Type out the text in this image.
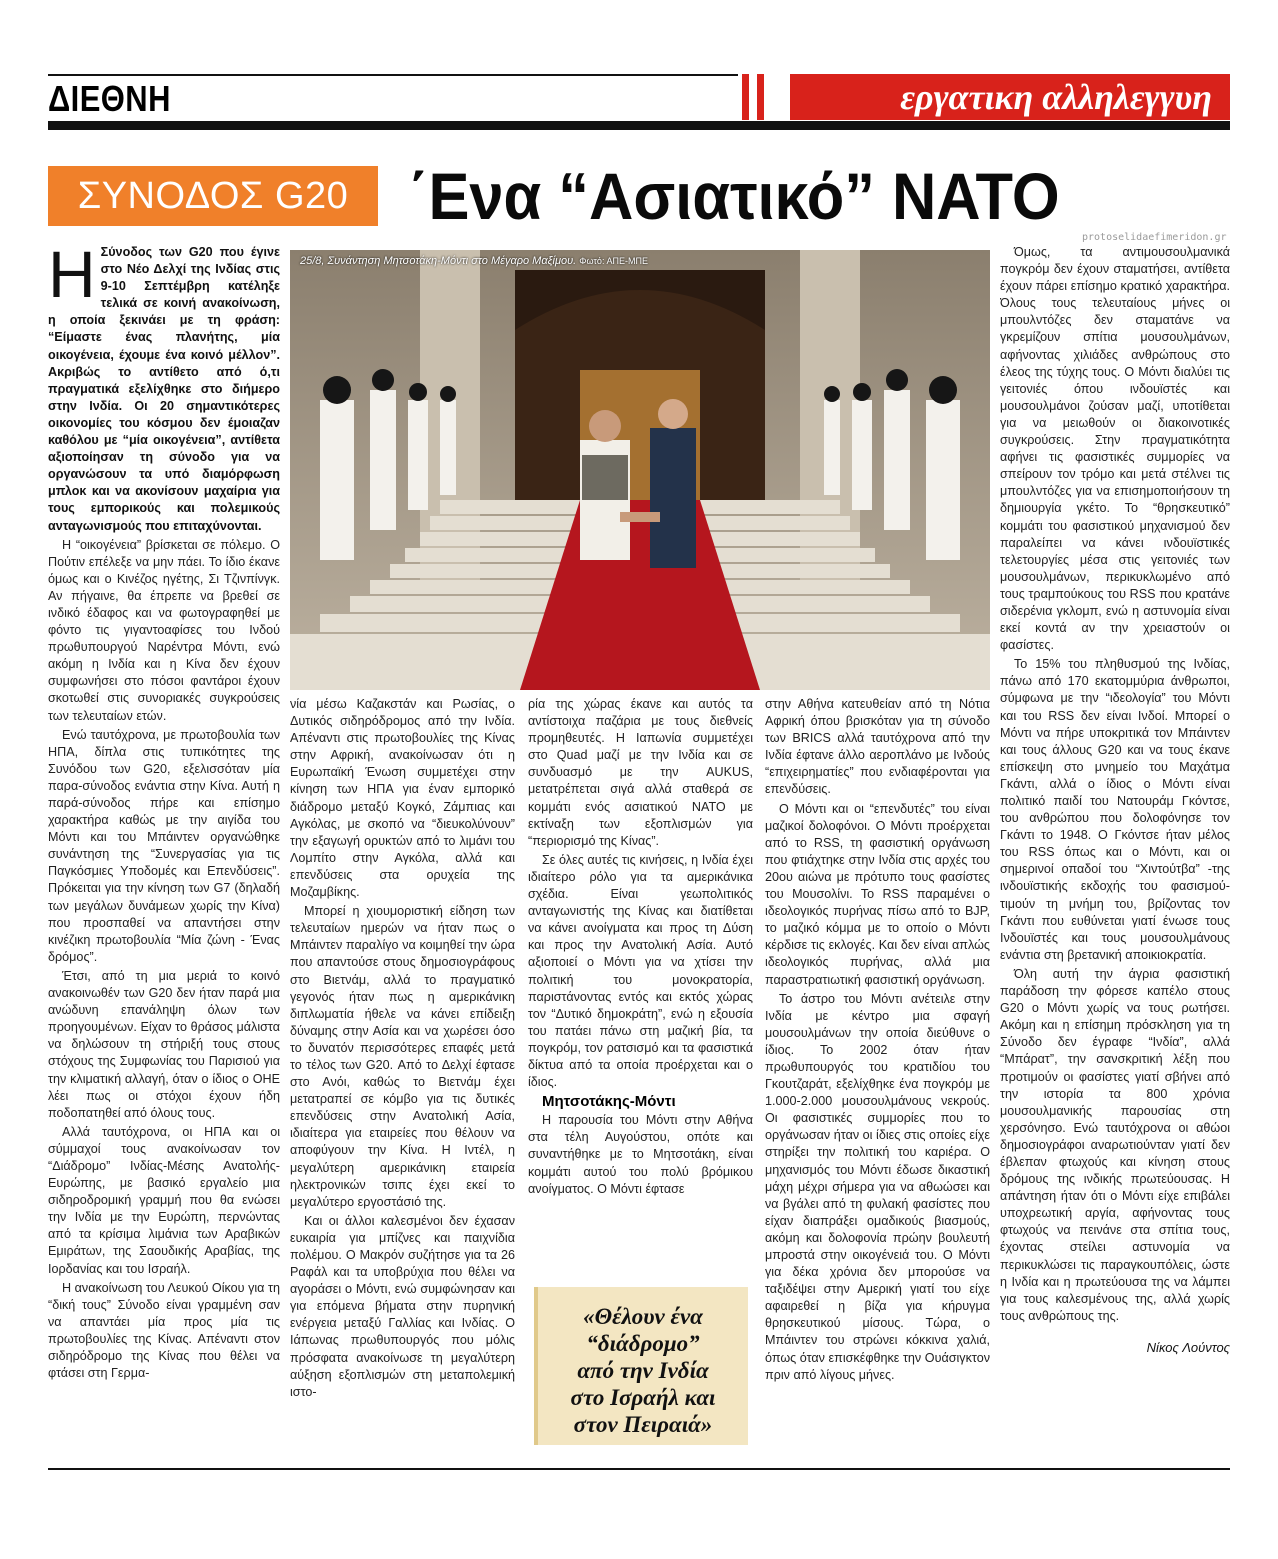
ΔΙΕΘΝΗ	εργατικη αλληλεγγυη
ΣΥΝΟΔΟΣ G20 ΄Ενα “Ασιατικό” ΝΑΤΟ
protoselidaefimeridon.gr

Η Σύνοδος των G20 που έγινε στο Νέο Δελχί της Ινδίας στις 9-10 Σεπτέμβρη κατέληξε τελικά σε κοινή ανακοίνωση, η οποία ξεκινάει με τη φράση: “Είμαστε ένας πλανήτης, μία οικογένεια, έχουμε ένα κοινό μέλλον”. Ακριβώς το αντίθετο από ό,τι πραγματικά εξελίχθηκε στο διήμερο στην Ινδία. Οι 20 σημαντικότερες οικονομίες του κόσμου δεν έμοιαζαν καθόλου με “μία οικογένεια”, αντίθετα αξιοποίησαν τη σύνοδο για να οργανώσουν τα υπό διαμόρφωση μπλοκ και να ακονίσουν μαχαίρια για τους εμπορικούς και πολεμικούς ανταγωνισμούς που επιταχύνονται.

Η “οικογένεια” βρίσκεται σε πόλεμο. Ο Πούτιν επέλεξε να μην πάει. Το ίδιο έκανε όμως και ο Κινέζος ηγέτης, Σι Τζινπίνγκ. Αν πήγαινε, θα έπρεπε να βρεθεί σε ινδικό έδαφος και να φωτογραφηθεί με φόντο τις γιγαντοαφίσες του Ινδού πρωθυπουργού Ναρέντρα Μόντι, ενώ ακόμη η Ινδία και η Κίνα δεν έχουν συμφωνήσει στο πόσοι φαντάροι έχουν σκοτωθεί στις συνοριακές συγκρούσεις των τελευταίων ετών.

Ενώ ταυτόχρονα, με πρωτοβουλία των ΗΠΑ, δίπλα στις τυπικότητες της Συνόδου των G20, εξελισσόταν μία παρα-σύνοδος ενάντια στην Κίνα. Αυτή η παρά-σύνοδος πήρε και επίσημο χαρακτήρα καθώς με την αιγίδα του Μόντι και του Μπάιντεν οργανώθηκε συνάντηση της “Συνεργασίας για τις Παγκόσμιες Υποδομές και Επενδύσεις”. Πρόκειται για την κίνηση των G7 (δηλαδή των μεγάλων δυνάμεων χωρίς την Κίνα) που προσπαθεί να απαντήσει στην κινέζικη πρωτοβουλία “Μία ζώνη - Ένας δρόμος”.

Έτσι, από τη μια μεριά το κοινό ανακοινωθέν των G20 δεν ήταν παρά μια ανώδυνη επανάληψη όλων των προηγουμένων. Είχαν το θράσος μάλιστα να δηλώσουν τη στήριξή τους στους στόχους της Συμφωνίας του Παρισιού για την κλιματική αλλαγή, όταν ο ίδιος ο ΟΗΕ λέει πως οι στόχοι έχουν ήδη ποδοπατηθεί από όλους τους.

Αλλά ταυτόχρονα, οι ΗΠΑ και οι σύμμαχοί τους ανακοίνωσαν τον “Διάδρομο” Ινδίας-Μέσης Ανατολής-Ευρώπης, με βασικό εργαλείο μια σιδηροδρομική γραμμή που θα ενώσει την Ινδία με την Ευρώπη, περνώντας από τα κρίσιμα λιμάνια των Αραβικών Εμιράτων, της Σαουδικής Αραβίας, της Ιορδανίας και του Ισραήλ.

Η ανακοίνωση του Λευκού Οίκου για τη “δική τους” Σύνοδο είναι γραμμένη σαν να απαντάει μία προς μία τις πρωτοβουλίες της Κίνας. Απέναντι στον σιδηρόδρομο της Κίνας που θέλει να φτάσει στη Γερμα-

25/8, Συνάντηση Μητσοτάκη-Μόντι στο Μέγαρο Μαξίμου. Φωτό: ΑΠΕ-ΜΠΕ

νία μέσω Καζακστάν και Ρωσίας, ο Δυτικός σιδηρόδρομος από την Ινδία. Απέναντι στις πρωτοβουλίες της Κίνας στην Αφρική, ανακοίνωσαν ότι η Ευρωπαϊκή Ένωση συμμετέχει στην κίνηση των ΗΠΑ για έναν εμπορικό διάδρομο μεταξύ Κογκό, Ζάμπιας και Αγκόλας, με σκοπό να “διευκολύνουν” την εξαγωγή ορυκτών από το λιμάνι του Λομπίτο στην Αγκόλα, αλλά και επενδύσεις στα ορυχεία της Μοζαμβίκης.

Μπορεί η χιουμοριστική είδηση των τελευταίων ημερών να ήταν πως ο Μπάιντεν παραλίγο να κοιμηθεί την ώρα που απαντούσε στους δημοσιογράφους στο Βιετνάμ, αλλά το πραγματικό γεγονός ήταν πως η αμερικάνικη διπλωματία ήθελε να κάνει επίδειξη δύναμης στην Ασία και να χωρέσει όσο το δυνατόν περισσότερες επαφές μετά το τέλος των G20. Από το Δελχί έφτασε στο Ανόι, καθώς το Βιετνάμ έχει μετατραπεί σε κόμβο για τις δυτικές επενδύσεις στην Ανατολική Ασία, ιδιαίτερα για εταιρείες που θέλουν να αποφύγουν την Κίνα. Η Ιντέλ, η μεγαλύτερη αμερικάνικη εταιρεία ηλεκτρονικών τσιπς έχει εκεί το μεγαλύτερο εργοστάσιό της.

Και οι άλλοι καλεσμένοι δεν έχασαν ευκαιρία για μπίζνες και παιχνίδια πολέμου. Ο Μακρόν συζήτησε για τα 26 Ραφάλ και τα υποβρύχια που θέλει να αγοράσει ο Μόντι, ενώ συμφώνησαν και για επόμενα βήματα στην πυρηνική ενέργεια μεταξύ Γαλλίας και Ινδίας. Ο Ιάπωνας πρωθυπουργός που μόλις πρόσφατα ανακοίνωσε τη μεγαλύτερη αύξηση εξοπλισμών στη μεταπολεμική ιστο-

ρία της χώρας έκανε και αυτός τα αντίστοιχα παζάρια με τους διεθνείς προμηθευτές. Η Ιαπωνία συμμετέχει στο Quad μαζί με την Ινδία και σε συνδυασμό με την AUKUS, μετατρέπεται σιγά αλλά σταθερά σε κομμάτι ενός ασιατικού ΝΑΤΟ με εκτίναξη των εξοπλισμών για “περιορισμό της Κίνας”.

Σε όλες αυτές τις κινήσεις, η Ινδία έχει ιδιαίτερο ρόλο για τα αμερικάνικα σχέδια. Είναι γεωπολιτικός ανταγωνιστής της Κίνας και διατίθεται να κάνει ανοίγματα και προς τη Δύση και προς την Ανατολική Ασία. Αυτό αξιοποιεί ο Μόντι για να χτίσει την πολιτική του μονοκρατορία, παριστάνοντας εντός και εκτός χώρας τον “Δυτικό δημοκράτη”, ενώ η εξουσία του πατάει πάνω στη μαζική βία, τα πογκρόμ, τον ρατσισμό και τα φασιστικά δίκτυα από τα οποία προέρχεται και ο ίδιος.

Μητσοτάκης-Μόντι

Η παρουσία του Μόντι στην Αθήνα στα τέλη Αυγούστου, οπότε και συναντήθηκε με το Μητσοτάκη, είναι κομμάτι αυτού του πολύ βρόμικου ανοίγματος. Ο Μόντι έφτασε

«Θέλουν ένα
“διάδρομο”
από την Ινδία
στο Ισραήλ και
στον Πειραιά»

στην Αθήνα κατευθείαν από τη Νότια Αφρική όπου βρισκόταν για τη σύνοδο των BRICS αλλά ταυτόχρονα από την Ινδία έφτανε άλλο αεροπλάνο με Ινδούς “επιχειρηματίες” που ενδιαφέρονται για επενδύσεις.

Ο Μόντι και οι “επενδυτές” του είναι μαζικοί δολοφόνοι. Ο Μόντι προέρχεται από το RSS, τη φασιστική οργάνωση που φτιάχτηκε στην Ινδία στις αρχές του 20ου αιώνα με πρότυπο τους φασίστες του Μουσολίνι. Το RSS παραμένει ο ιδεολογικός πυρήνας πίσω από το BJP, το μαζικό κόμμα με το οποίο ο Μόντι κέρδισε τις εκλογές. Και δεν είναι απλώς ιδεολογικός πυρήνας, αλλά μια παραστρατιωτική φασιστική οργάνωση.

Το άστρο του Μόντι ανέτειλε στην Ινδία με κέντρο μια σφαγή μουσουλμάνων την οποία διεύθυνε ο ίδιος. Το 2002 όταν ήταν πρωθυπουργός του κρατιδίου του Γκουτζαράτ, εξελίχθηκε ένα πογκρόμ με 1.000-2.000 μουσουλμάνους νεκρούς. Οι φασιστικές συμμορίες που το οργάνωσαν ήταν οι ίδιες στις οποίες είχε στηρίξει την πολιτική του καριέρα. Ο μηχανισμός του Μόντι έδωσε δικαστική μάχη μέχρι σήμερα για να αθωώσει και να βγάλει από τη φυλακή φασίστες που είχαν διαπράξει ομαδικούς βιασμούς, ακόμη και δολοφονία πρώην βουλευτή μπροστά στην οικογένειά του. Ο Μόντι για δέκα χρόνια δεν μπορούσε να ταξιδέψει στην Αμερική γιατί του είχε αφαιρεθεί η βίζα για κήρυγμα θρησκευτικού μίσους. Τώρα, ο Μπάιντεν του στρώνει κόκκινα χαλιά, όπως όταν επισκέφθηκε την Ουάσιγκτον πριν από λίγους μήνες.

Όμως, τα αντιμουσουλμανικά πογκρόμ δεν έχουν σταματήσει, αντίθετα έχουν πάρει επίσημο κρατικό χαρακτήρα. Όλους τους τελευταίους μήνες οι μπουλντόζες δεν σταματάνε να γκρεμίζουν σπίτια μουσουλμάνων, αφήνοντας χιλιάδες ανθρώπους στο έλεος της τύχης τους. Ο Μόντι διαλύει τις γειτονιές όπου ινδουϊστές και μουσουλμάνοι ζούσαν μαζί, υποτίθεται για να μειωθούν οι διακοινοτικές συγκρούσεις. Στην πραγματικότητα αφήνει τις φασιστικές συμμορίες να σπείρουν τον τρόμο και μετά στέλνει τις μπουλντόζες για να επισημοποιήσουν τη δημιουργία γκέτο. Το “θρησκευτικό” κομμάτι του φασιστικού μηχανισμού δεν παραλείπει να κάνει ινδουϊστικές τελετουργίες μέσα στις γειτονιές των μουσουλμάνων, περικυκλωμένο από τους τραμπούκους του RSS που κρατάνε σιδερένια γκλομπ, ενώ η αστυνομία είναι εκεί κοντά αν την χρειαστούν οι φασίστες.

Το 15% του πληθυσμού της Ινδίας, πάνω από 170 εκατομμύρια άνθρωποι, σύμφωνα με την “ιδεολογία” του Μόντι και του RSS δεν είναι Ινδοί. Μπορεί ο Μόντι να πήρε υποκριτικά τον Μπάιντεν και τους άλλους G20 και να τους έκανε επίσκεψη στο μνημείο του Μαχάτμα Γκάντι, αλλά ο ίδιος ο Μόντι είναι πολιτικό παιδί του Νατουράμ Γκόντσε, του ανθρώπου που δολοφόνησε τον Γκάντι το 1948. Ο Γκόντσε ήταν μέλος του RSS όπως και ο Μόντι, και οι σημερινοί οπαδοί του “Χιντούτβα” -της ινδουϊστικής εκδοχής του φασισμού- τιμούν τη μνήμη του, βρίζοντας τον Γκάντι που ευθύνεται γιατί ένωσε τους Ινδουϊστές και τους μουσουλμάνους ενάντια στη βρετανική αποικιοκρατία.

Όλη αυτή την άγρια φασιστική παράδοση την φόρεσε καπέλο στους G20 ο Μόντι χωρίς να τους ρωτήσει. Ακόμη και η επίσημη πρόσκληση για τη Σύνοδο δεν έγραφε “Ινδία”, αλλά “Μπάρατ”, την σανσκριτική λέξη που προτιμούν οι φασίστες γιατί σβήνει από την ιστορία τα 800 χρόνια μουσουλμανικής παρουσίας στη χερσόνησο. Ενώ ταυτόχρονα οι αθώοι δημοσιογράφοι αναρωτιούνταν γιατί δεν έβλεπαν φτωχούς και κίνηση στους δρόμους της ινδικής πρωτεύουσας. Η απάντηση ήταν ότι ο Μόντι είχε επιβάλει υποχρεωτική αργία, αφήνοντας τους φτωχούς να πεινάνε στα σπίτια τους, έχοντας στείλει αστυνομία να περικυκλώσει τις παραγκουπόλεις, ώστε η Ινδία και η πρωτεύουσα της να λάμπει για τους καλεσμένους της, αλλά χωρίς τους ανθρώπους της.

Νίκος Λούντος
